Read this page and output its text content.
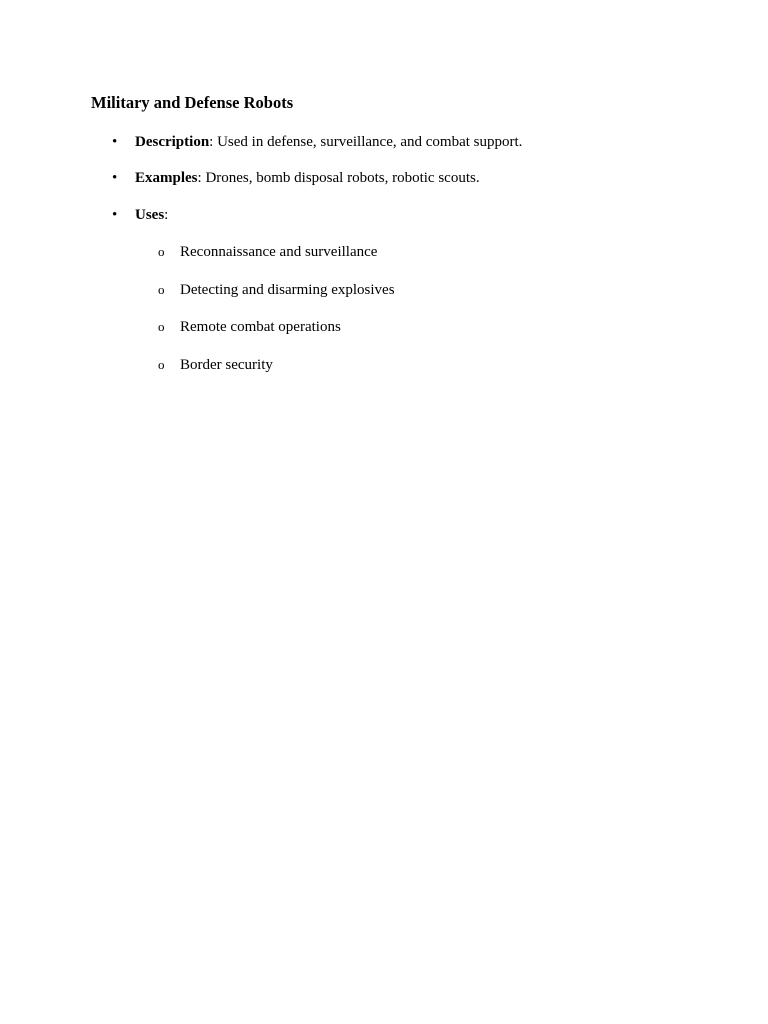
Military and Defense Robots
•	Description: Used in defense, surveillance, and combat support.
•	Examples: Drones, bomb disposal robots, robotic scouts.
•	Uses:
o Reconnaissance and surveillance
o Detecting and disarming explosives
o Remote combat operations
o Border security
